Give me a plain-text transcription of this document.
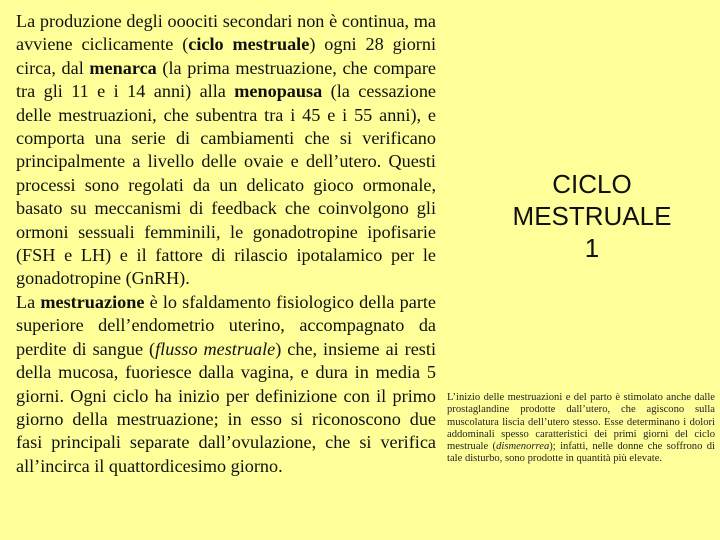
La produzione degli ooociti secondari non è continua, ma avviene ciclicamente (ciclo mestruale) ogni 28 giorni circa, dal menarca (la prima mestruazione, che compare tra gli 11 e i 14 anni) alla menopausa (la cessazione delle mestruazioni, che subentra tra i 45 e i 55 anni), e comporta una serie di cambiamenti che si verificano principalmente a livello delle ovaie e dell’utero. Questi processi sono regolati da un delicato gioco ormonale, basato su meccanismi di feedback che coinvolgono gli ormoni sessuali femminili, le gonadotropine ipofisarie (FSH e LH) e il fattore di rilascio ipotalamico per le gonadotropine (GnRH).

La mestruazione è lo sfaldamento fisiologico della parte superiore dell’endometrio uterino, accompagnato da perdite di sangue (flusso mestruale) che, insieme ai resti della mucosa, fuoriesce dalla vagina, e dura in media 5 giorni. Ogni ciclo ha inizio per definizione con il primo giorno della mestruazione; in esso si riconoscono due fasi principali separate dall’ovulazione, che si verifica all’incirca il quattordicesimo giorno.

CICLO
MESTRUALE
1

L’inizio delle mestruazioni e del parto è stimolato anche dalle prostaglandine prodotte dall’utero, che agiscono sulla muscolatura liscia dell’utero stesso. Esse determinano i dolori addominali spesso caratteristici dei primi giorni del ciclo mestruale (dismenorrea); infatti, nelle donne che soffrono di tale disturbo, sono prodotte in quantità più elevate.
